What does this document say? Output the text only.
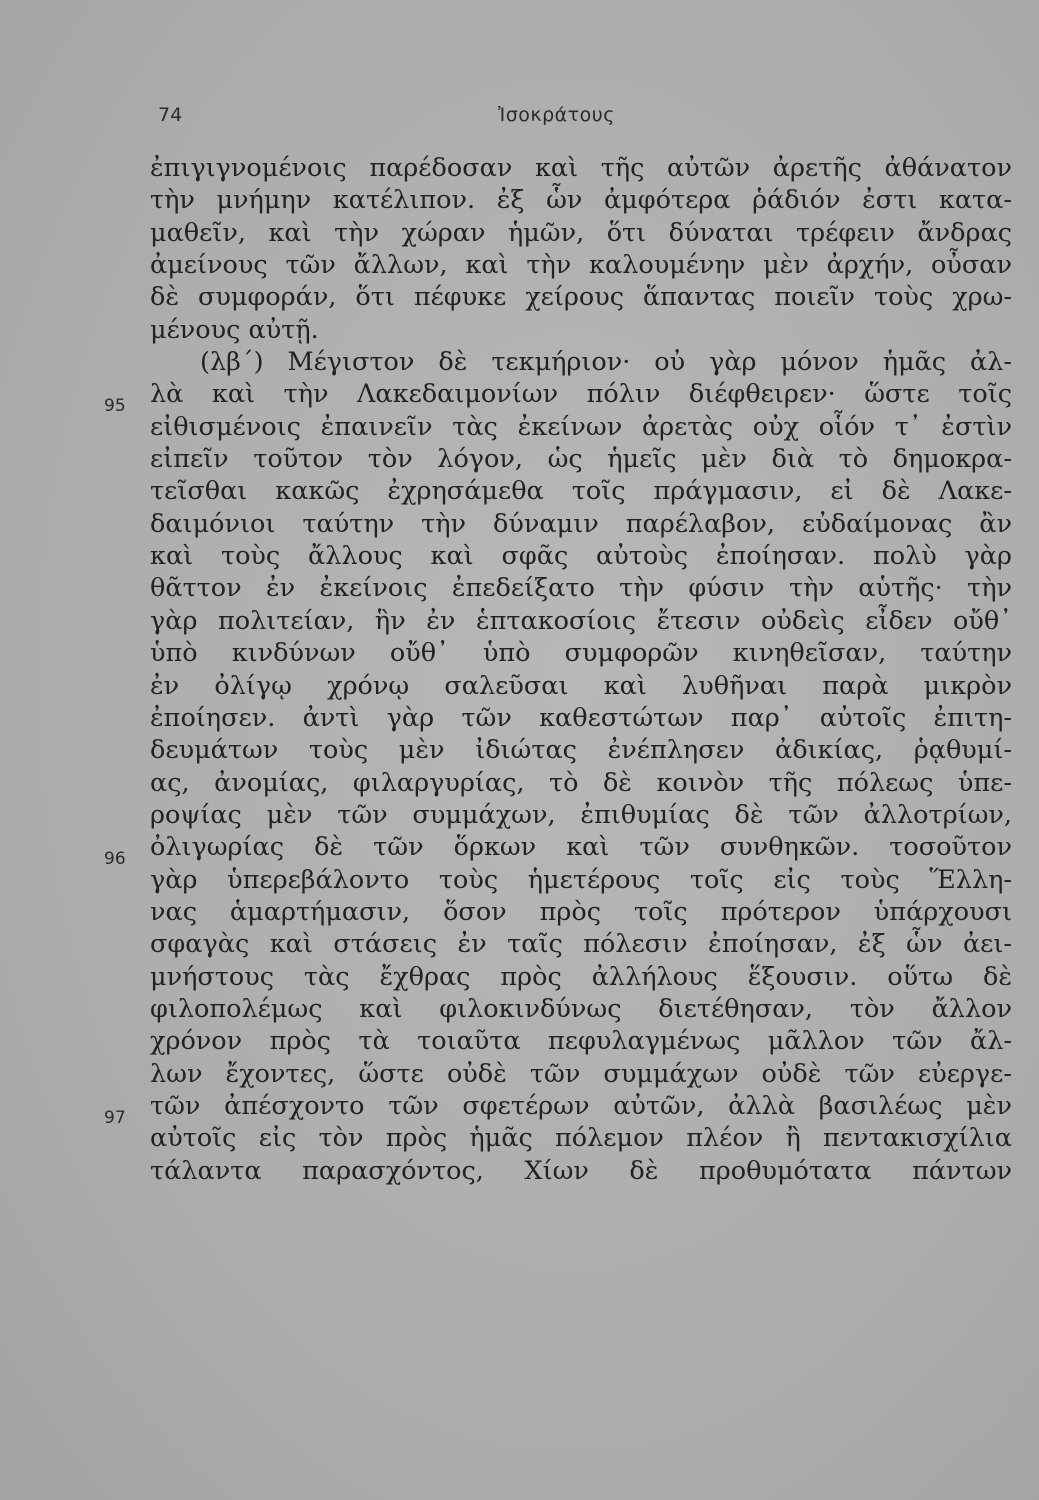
74	Ἰσοκράτους
95
96
97
ἐπιγιγνομένοις παρέδοσαν καὶ τῆς αὐτῶν ἀρετῆς ἀθάνατον
τὴν μνήμην κατέλιπον. ἐξ ὧν ἀμφότερα ῥάδιόν ἐστι κατα-
μαθεῖν, καὶ τὴν χώραν ἡμῶν, ὅτι δύναται τρέφειν ἄνδρας
ἀμείνους τῶν ἄλλων, καὶ τὴν καλουμένην μὲν ἀρχήν, οὖσαν
δὲ συμφοράν, ὅτι πέφυκε χείρους ἅπαντας ποιεῖν τοὺς χρω-
μένους αὐτῇ.
(λβ΄) Μέγιστον δὲ τεκμήριον· οὐ γὰρ μόνον ἡμᾶς ἀλ-
λὰ καὶ τὴν Λακεδαιμονίων πόλιν διέφθειρεν· ὥστε τοῖς
εἰθισμένοις ἐπαινεῖν τὰς ἐκείνων ἀρετὰς οὐχ οἷόν τ᾽ ἐστὶν
εἰπεῖν τοῦτον τὸν λόγον, ὡς ἡμεῖς μὲν διὰ τὸ δημοκρα-
τεῖσθαι κακῶς ἐχρησάμεθα τοῖς πράγμασιν, εἰ δὲ Λακε-
δαιμόνιοι ταύτην τὴν δύναμιν παρέλαβον, εὐδαίμονας ἂν
καὶ τοὺς ἄλλους καὶ σφᾶς αὐτοὺς ἐποίησαν. πολὺ γὰρ
θᾶττον ἐν ἐκείνοις ἐπεδείξατο τὴν φύσιν τὴν αὑτῆς· τὴν
γὰρ πολιτείαν, ἣν ἐν ἑπτακοσίοις ἔτεσιν οὐδεὶς εἶδεν οὔθ᾽
ὑπὸ κινδύνων οὔθ᾽ ὑπὸ συμφορῶν κινηθεῖσαν, ταύτην
ἐν ὀλίγῳ χρόνῳ σαλεῦσαι καὶ λυθῆναι παρὰ μικρὸν
ἐποίησεν. ἀντὶ γὰρ τῶν καθεστώτων παρ᾽ αὐτοῖς ἐπιτη-
δευμάτων τοὺς μὲν ἰδιώτας ἐνέπλησεν ἀδικίας, ῥᾳθυμί-
ας, ἀνομίας, φιλαργυρίας, τὸ δὲ κοινὸν τῆς πόλεως ὑπε-
ροψίας μὲν τῶν συμμάχων, ἐπιθυμίας δὲ τῶν ἀλλοτρίων,
ὀλιγωρίας δὲ τῶν ὅρκων καὶ τῶν συνθηκῶν. τοσοῦτον
γὰρ ὑπερεβάλοντο τοὺς ἡμετέρους τοῖς εἰς τοὺς Ἕλλη-
νας ἁμαρτήμασιν, ὅσον πρὸς τοῖς πρότερον ὑπάρχουσι
σφαγὰς καὶ στάσεις ἐν ταῖς πόλεσιν ἐποίησαν, ἐξ ὧν ἀει-
μνήστους τὰς ἔχθρας πρὸς ἀλλήλους ἕξουσιν. οὕτω δὲ
φιλοπολέμως καὶ φιλοκινδύνως διετέθησαν, τὸν ἄλλον
χρόνον πρὸς τὰ τοιαῦτα πεφυλαγμένως μᾶλλον τῶν ἄλ-
λων ἔχοντες, ὥστε οὐδὲ τῶν συμμάχων οὐδὲ τῶν εὐεργε-
τῶν ἀπέσχοντο τῶν σφετέρων αὐτῶν, ἀλλὰ βασιλέως μὲν
αὐτοῖς εἰς τὸν πρὸς ἡμᾶς πόλεμον πλέον ἢ πεντακισχίλια
τάλαντα παρασχόντος, Χίων δὲ προθυμότατα πάντων
